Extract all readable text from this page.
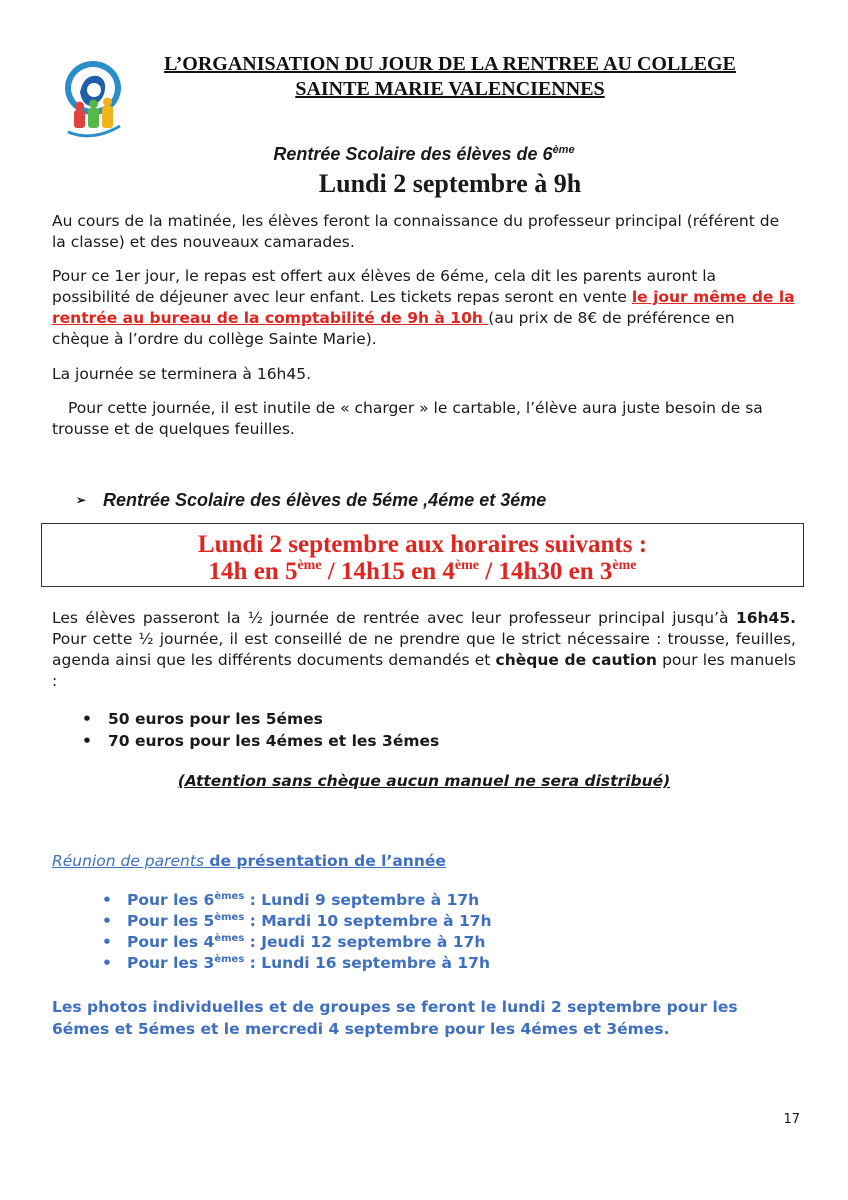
L’ORGANISATION DU JOUR DE LA RENTREE AU COLLEGE
SAINTE MARIE VALENCIENNES
Rentrée Scolaire des élèves de 6ème
Lundi 2 septembre à 9h

Au cours de la matinée, les élèves feront la connaissance du professeur principal (référent de la classe) et des nouveaux camarades.

Pour ce 1er jour, le repas est offert aux élèves de 6éme, cela dit les parents auront la possibilité de déjeuner avec leur enfant. Les tickets repas seront en vente le jour même de la rentrée au bureau de la comptabilité de 9h à 10h (au prix de 8€ de préférence en chèque à l’ordre du collège Sainte Marie).

La journée se terminera à 16h45.

Pour cette journée, il est inutile de « charger » le cartable, l’élève aura juste besoin de sa trousse et de quelques feuilles.

➢ Rentrée Scolaire des élèves de 5éme ,4éme et 3éme
Lundi 2 septembre aux horaires suivants :
14h en 5ème / 14h15 en 4ème / 14h30 en 3ème

Les élèves passeront la ½ journée de rentrée avec leur professeur principal jusqu’à 16h45. Pour cette ½ journée, il est conseillé de ne prendre que le strict nécessaire : trousse, feuilles, agenda ainsi que les différents documents demandés et chèque de caution pour les manuels :

• 50 euros pour les 5émes
• 70 euros pour les 4émes et les 3émes
(Attention sans chèque aucun manuel ne sera distribué)
Réunion de parents de présentation de l’année
• Pour les 6èmes : Lundi 9 septembre à 17h
• Pour les 5èmes : Mardi 10 septembre à 17h
• Pour les 4èmes : Jeudi 12 septembre à 17h
• Pour les 3èmes : Lundi 16 septembre à 17h
Les photos individuelles et de groupes se feront le lundi 2 septembre pour les 6émes et 5émes et le mercredi 4 septembre pour les 4émes et 3émes.
17
